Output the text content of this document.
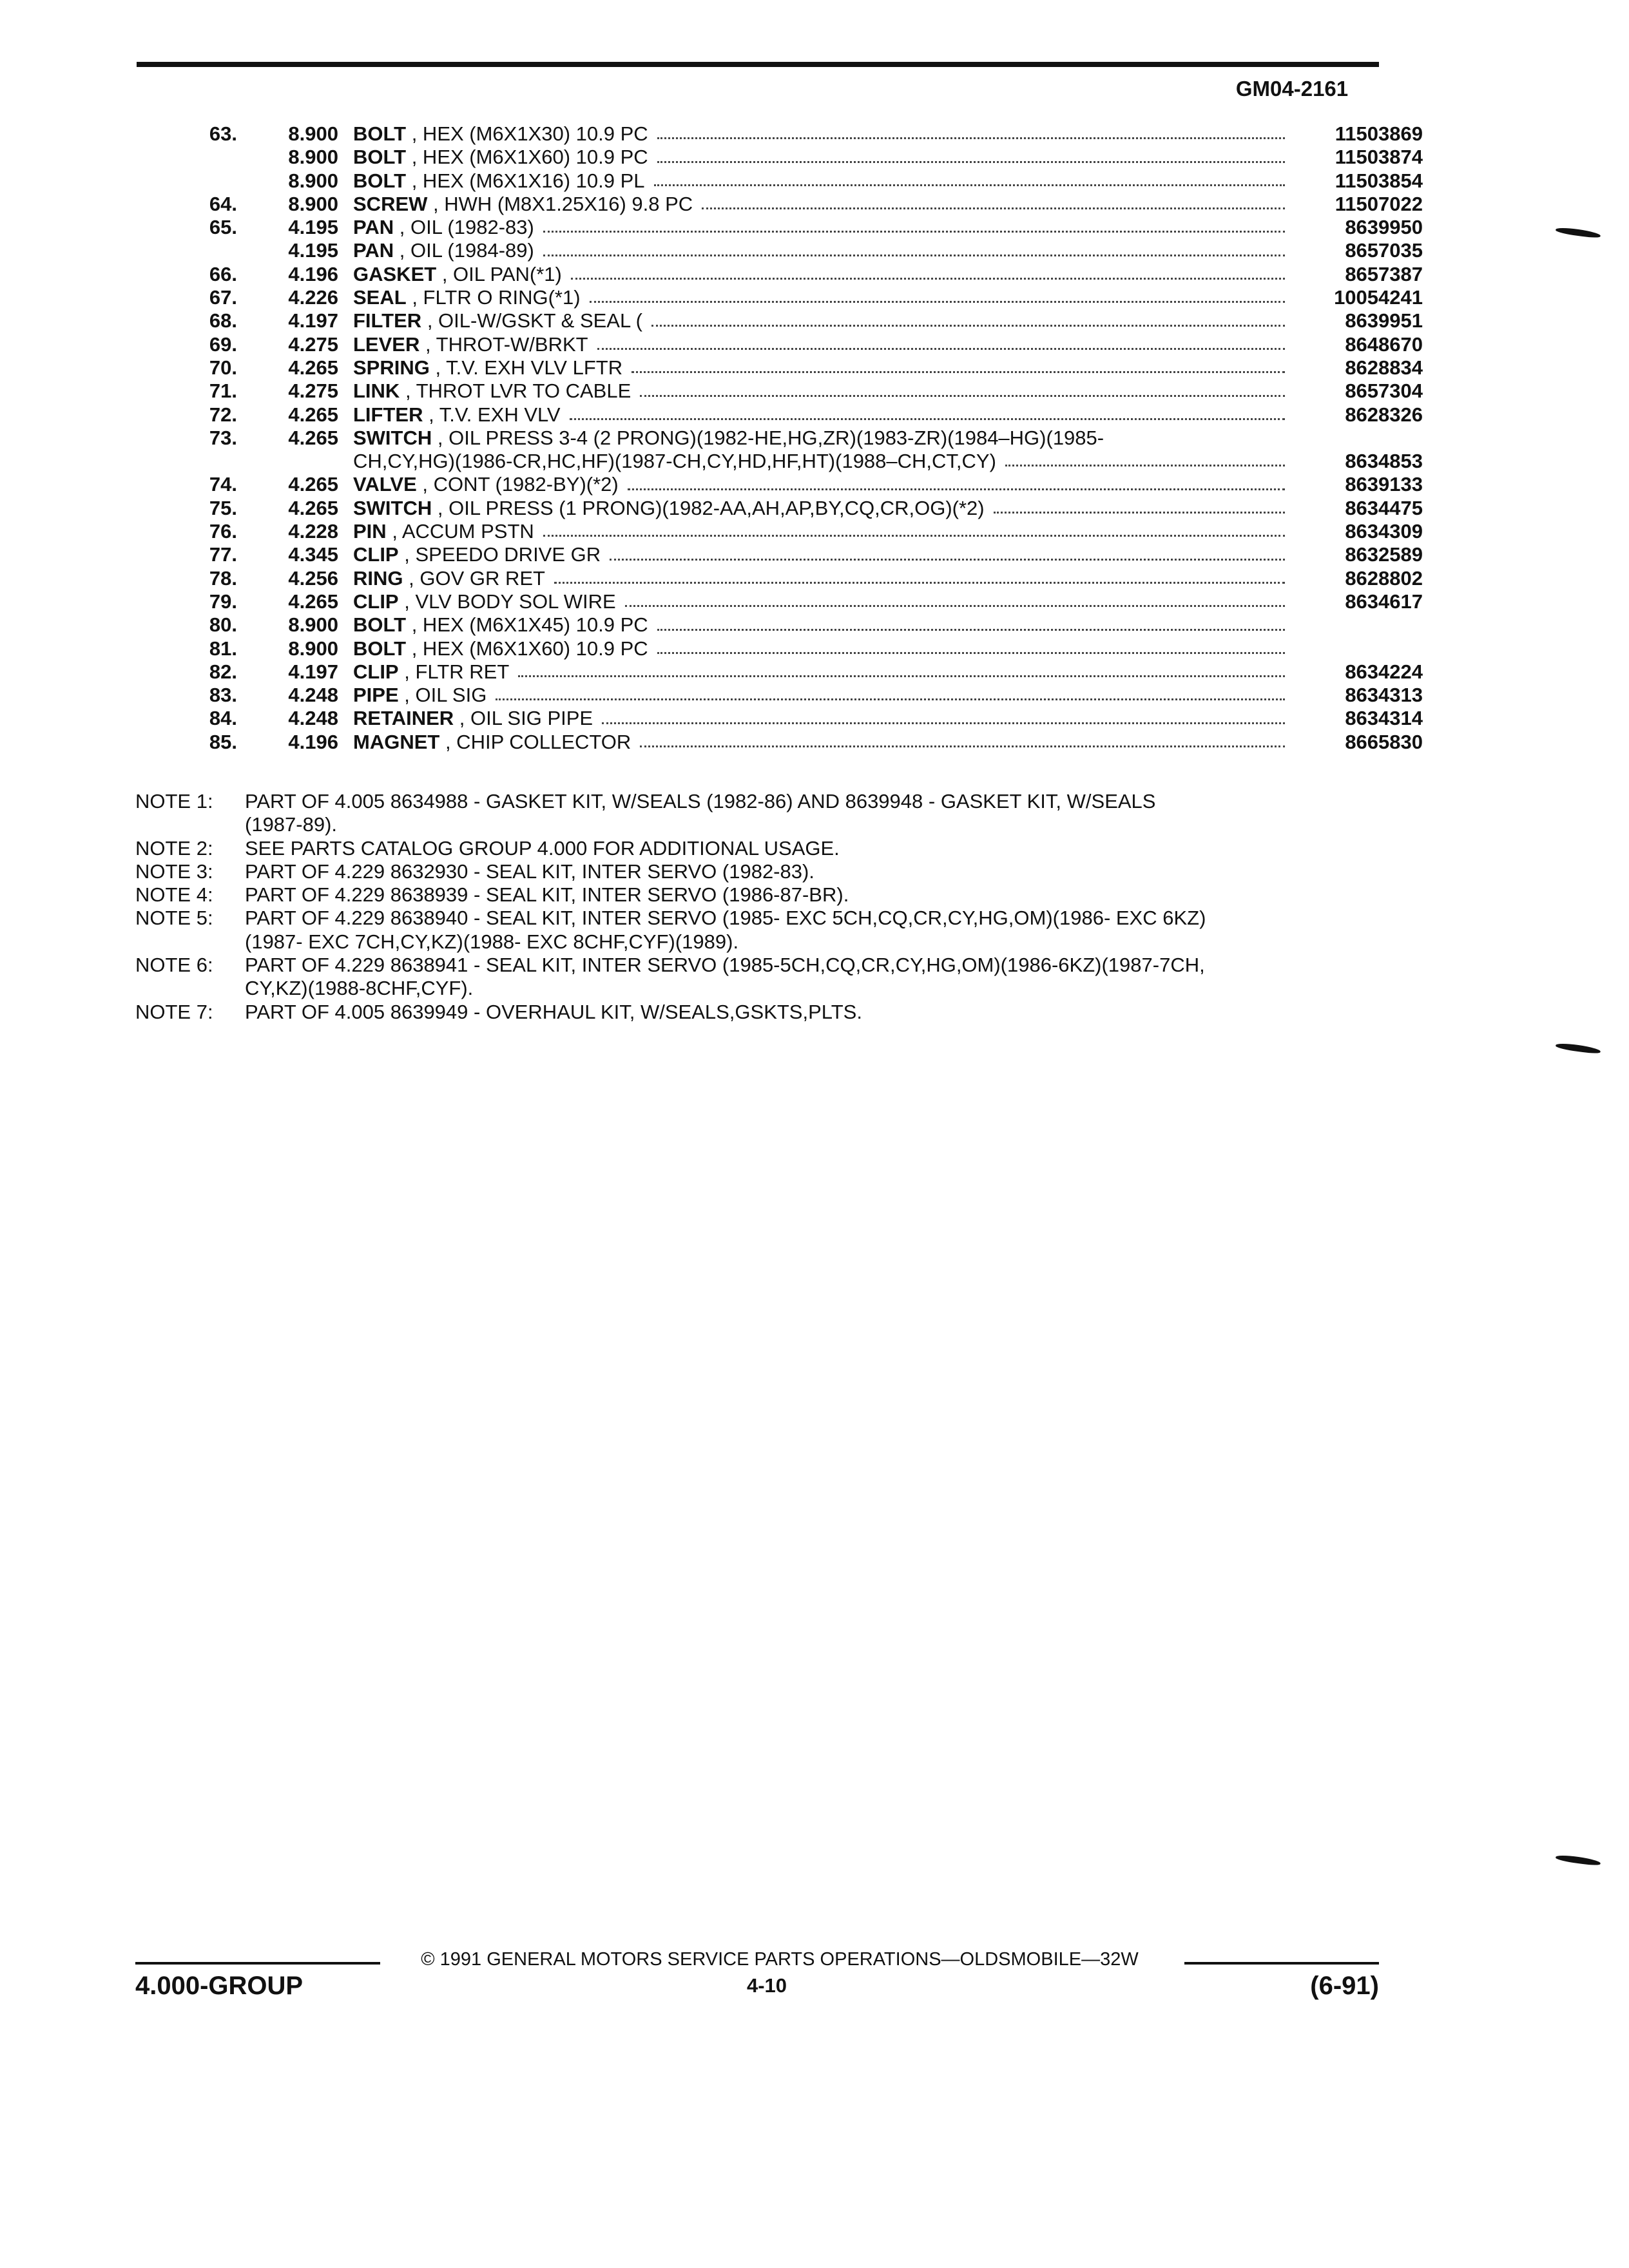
GM04-2161
63.	8.900 BOLT , HEX (M6X1X30) 10.9 PC	11503869
8.900 BOLT , HEX (M6X1X60) 10.9 PC	11503874
8.900 BOLT , HEX (M6X1X16) 10.9 PL	11503854
64.	8.900 SCREW , HWH (M8X1.25X16) 9.8 PC	11507022
65.	4.195 PAN , OIL (1982-83)	8639950
4.195 PAN , OIL (1984-89)	8657035
66.	4.196 GASKET , OIL PAN(*1)	8657387
67.	4.226 SEAL , FLTR O RING(*1)	10054241
68.	4.197 FILTER , OIL-W/GSKT & SEAL (	8639951
69.	4.275 LEVER , THROT-W/BRKT	8648670
70.	4.265 SPRING , T.V. EXH VLV LFTR	8628834
71.	4.275 LINK , THROT LVR TO CABLE	8657304
72.	4.265 LIFTER , T.V. EXH VLV	8628326
73.	4.265 SWITCH , OIL PRESS 3-4 (2 PRONG)(1982-HE,HG,ZR)(1983-ZR)(1984–HG)(1985-
CH,CY,HG)(1986-CR,HC,HF)(1987-CH,CY,HD,HF,HT)(1988–CH,CT,CY)	8634853
74.	4.265 VALVE , CONT (1982-BY)(*2)	8639133
75.	4.265 SWITCH , OIL PRESS (1 PRONG)(1982-AA,AH,AP,BY,CQ,CR,OG)(*2)	8634475
76.	4.228 PIN , ACCUM PSTN	8634309
77.	4.345 CLIP , SPEEDO DRIVE GR	8632589
78.	4.256 RING , GOV GR RET	8628802
79.	4.265 CLIP , VLV BODY SOL WIRE	8634617
80.	8.900 BOLT , HEX (M6X1X45) 10.9 PC
81.	8.900 BOLT , HEX (M6X1X60) 10.9 PC
82.	4.197 CLIP , FLTR RET	8634224
83.	4.248 PIPE , OIL SIG	8634313
84.	4.248 RETAINER , OIL SIG PIPE	8634314
85.	4.196 MAGNET , CHIP COLLECTOR	8665830
NOTE 1:	PART OF 4.005 8634988 - GASKET KIT, W/SEALS (1982-86) AND 8639948 - GASKET KIT, W/SEALS
(1987-89).
NOTE 2:	SEE PARTS CATALOG GROUP 4.000 FOR ADDITIONAL USAGE.
NOTE 3:	PART OF 4.229 8632930 - SEAL KIT, INTER SERVO (1982-83).
NOTE 4:	PART OF 4.229 8638939 - SEAL KIT, INTER SERVO (1986-87-BR).
NOTE 5:	PART OF 4.229 8638940 - SEAL KIT, INTER SERVO (1985- EXC 5CH,CQ,CR,CY,HG,OM)(1986- EXC 6KZ)
(1987- EXC 7CH,CY,KZ)(1988- EXC 8CHF,CYF)(1989).
NOTE 6:	PART OF 4.229 8638941 - SEAL KIT, INTER SERVO (1985-5CH,CQ,CR,CY,HG,OM)(1986-6KZ)(1987-7CH,
CY,KZ)(1988-8CHF,CYF).
NOTE 7:	PART OF 4.005 8639949 - OVERHAUL KIT, W/SEALS,GSKTS,PLTS.
© 1991 GENERAL MOTORS SERVICE PARTS OPERATIONS—OLDSMOBILE—32W
4.000-GROUP	4-10	(6-91)
